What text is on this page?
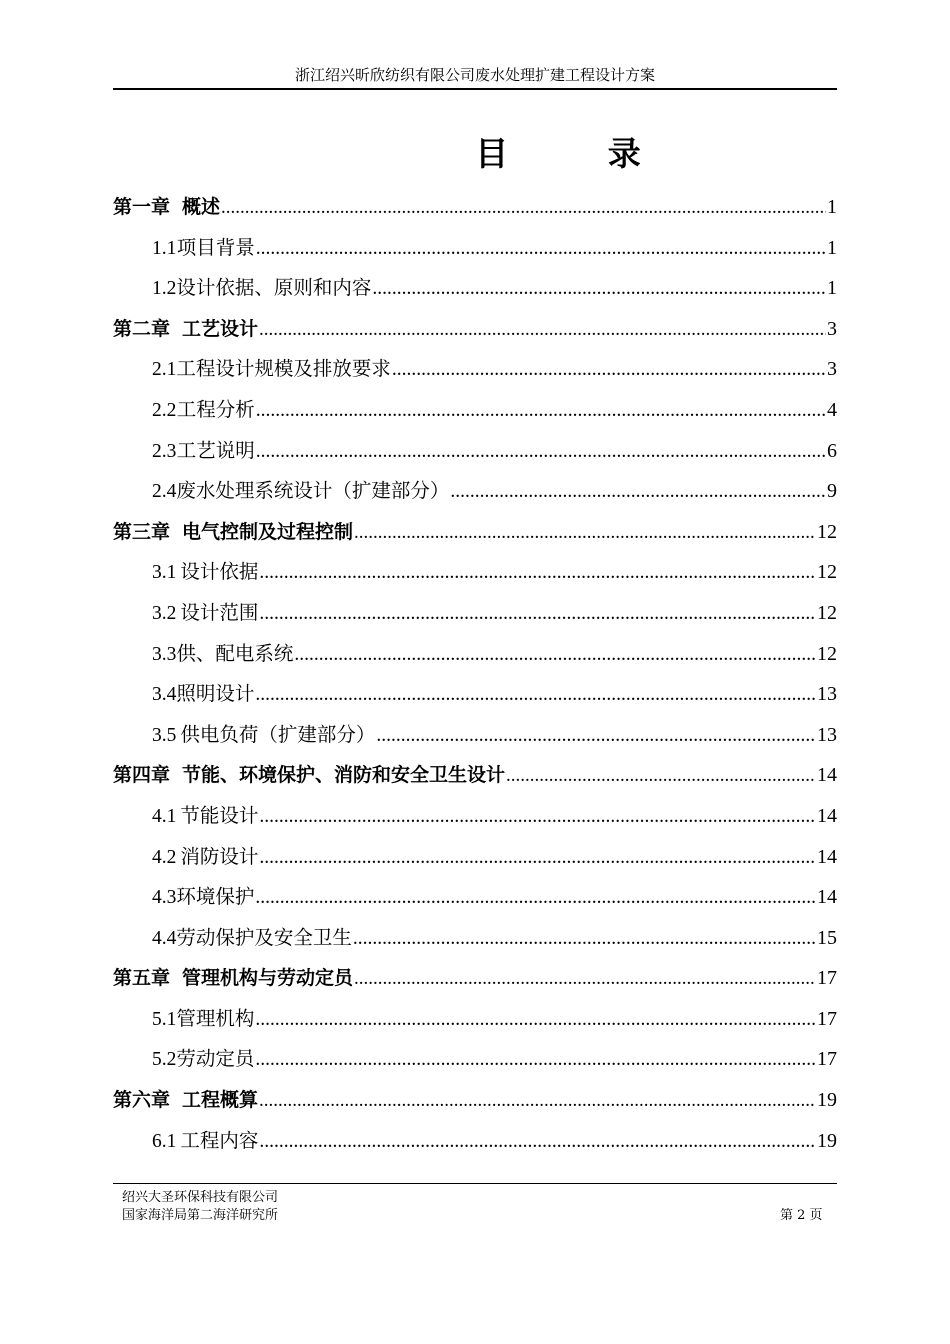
浙江绍兴昕欣纺织有限公司废水处理扩建工程设计方案
目 录
第一章 概述 .....	1
1.1 项目背景 .....	1
1.2 设计依据、原则和内容 .....	1
第二章 工艺设计 .....	3
2.1 工程设计规模及排放要求 .....	3
2.2 工程分析 .....	4
2.3 工艺说明 .....	6
2.4 废水处理系统设计（扩建部分） .....	9
第三章 电气控制及过程控制 .....	12
3.1 设计依据 .....	12
3.2 设计范围 .....	12
3.3 供、配电系统 .....	12
3.4 照明设计 .....	13
3.5 供电负荷（扩建部分） .....	13
第四章 节能、环境保护、消防和安全卫生设计 .....	14
4.1 节能设计 .....	14
4.2 消防设计 .....	14
4.3 环境保护 .....	14
4.4 劳动保护及安全卫生 .....	15
第五章 管理机构与劳动定员 .....	17
5.1 管理机构 .....	17
5.2 劳动定员 .....	17
第六章 工程概算 .....	19
6.1 工程内容 .....	19
绍兴大圣环保科技有限公司
国家海洋局第二海洋研究所	第 2 页
